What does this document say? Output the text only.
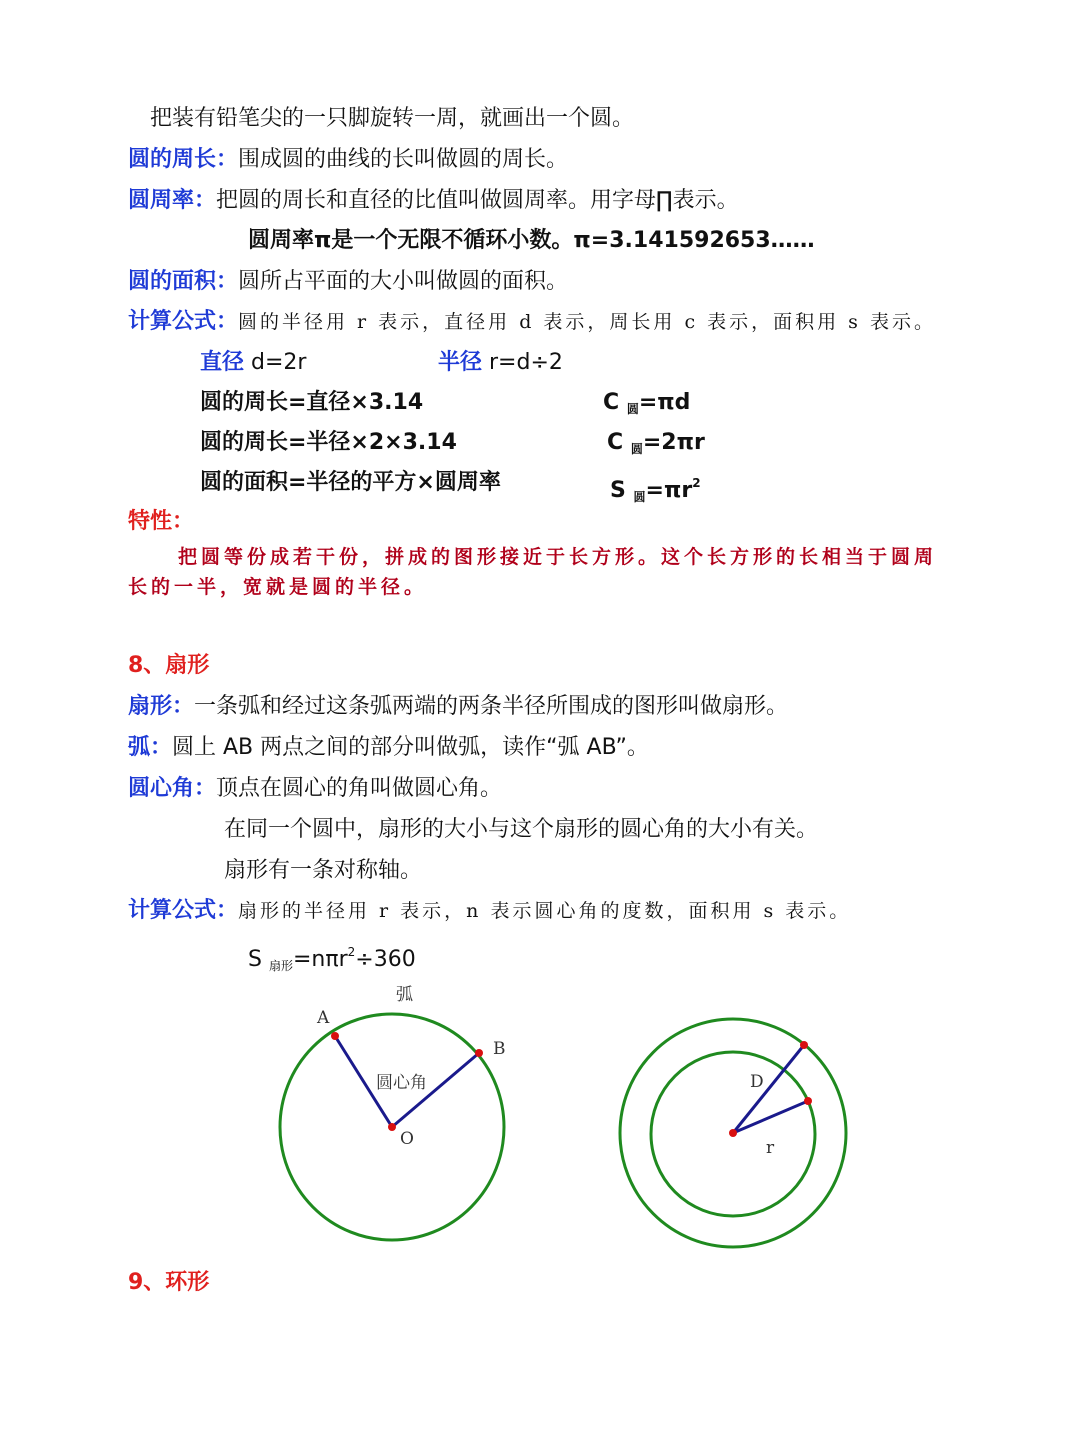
把装有铅笔尖的一只脚旋转一周，就画出一个圆。
圆的周长：围成圆的曲线的长叫做圆的周长。
圆周率：把圆的周长和直径的比值叫做圆周率。用字母∏表示。
圆周率π是一个无限不循环小数。π=3.141592653……
圆的面积：圆所占平面的大小叫做圆的面积。
计算公式：圆的半径用 r 表示，直径用 d 表示，周长用 c 表示，面积用 s 表示。
直径 d=2r	半径 r=d÷2
圆的周长=直径×3.14	C $_圆$=πd
圆的周长=半径×2×3.14	C $_圆$=2πr
圆的面积=半径的平方×圆周率	S $_圆=\pi r^2$
特性：
把圆等份成若干份，拼成的图形接近于长方形。这个长方形的长相当于圆周
长的一半，宽就是圆的半径。
8、扇形
扇形：一条弧和经过这条弧两端的两条半径所围成的图形叫做扇形。
弧：圆上 AB 两点之间的部分叫做弧，读作“弧 AB”。
圆心角：顶点在圆心的角叫做圆心角。
在同一个圆中，扇形的大小与这个扇形的圆心角的大小有关。
扇形有一条对称轴。
计算公式：扇形的半径用 r 表示，n 表示圆心角的度数，面积用 s 表示。
S $_{扇形}$=nπr$^2$÷360
弧
A
B
圆心角
O
D
r
9、环形
